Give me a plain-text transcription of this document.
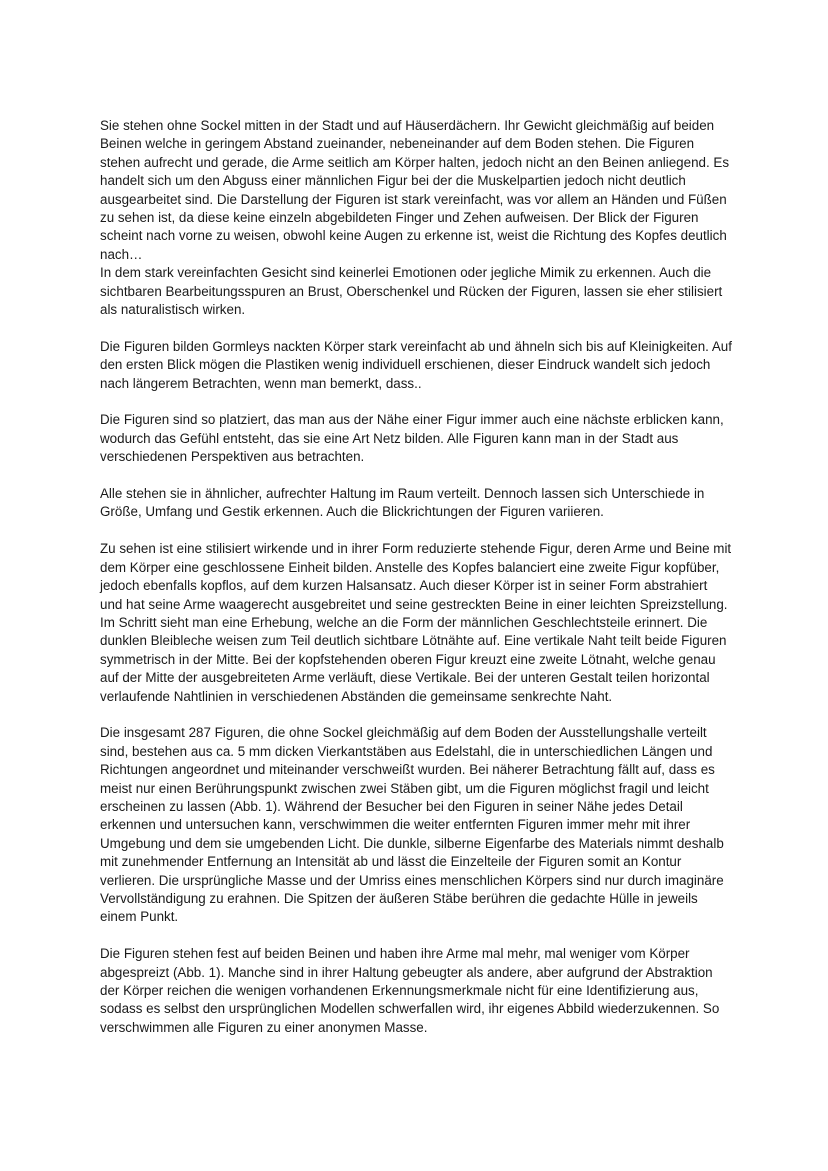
Sie stehen ohne Sockel mitten in der Stadt und auf Häuserdächern. Ihr Gewicht gleichmäßig auf beiden Beinen welche in geringem Abstand zueinander, nebeneinander auf dem Boden stehen. Die Figuren stehen aufrecht und gerade, die Arme seitlich am Körper halten, jedoch nicht an den Beinen anliegend. Es handelt sich um den Abguss einer männlichen Figur bei der die Muskelpartien jedoch nicht deutlich ausgearbeitet sind. Die Darstellung der Figuren ist stark vereinfacht, was vor allem an Händen und Füßen zu sehen ist, da diese keine einzeln abgebildeten Finger und Zehen aufweisen. Der Blick der Figuren scheint nach vorne zu weisen, obwohl keine Augen zu erkenne ist, weist die Richtung des Kopfes deutlich nach…
In dem stark vereinfachten Gesicht sind keinerlei Emotionen oder jegliche Mimik zu erkennen. Auch die sichtbaren Bearbeitungsspuren an Brust, Oberschenkel und Rücken der Figuren, lassen sie eher stilisiert als naturalistisch wirken.

Die Figuren bilden Gormleys nackten Körper stark vereinfacht ab und ähneln sich bis auf Kleinigkeiten. Auf den ersten Blick mögen die Plastiken wenig individuell erschienen, dieser Eindruck wandelt sich jedoch nach längerem Betrachten, wenn man bemerkt, dass..

Die Figuren sind so platziert, das man aus der Nähe einer Figur immer auch eine nächste erblicken kann, wodurch das Gefühl entsteht, das sie eine Art Netz bilden. Alle Figuren kann man in der Stadt aus verschiedenen Perspektiven aus betrachten.

Alle stehen sie in ähnlicher, aufrechter Haltung im Raum verteilt. Dennoch lassen sich Unterschiede in Größe, Umfang und Gestik erkennen. Auch die Blickrichtungen der Figuren variieren.

Zu sehen ist eine stilisiert wirkende und in ihrer Form reduzierte stehende Figur, deren Arme und Beine mit dem Körper eine geschlossene Einheit bilden. Anstelle des Kopfes balanciert eine zweite Figur kopfüber, jedoch ebenfalls kopflos, auf dem kurzen Halsansatz. Auch dieser Körper ist in seiner Form abstrahiert und hat seine Arme waagerecht ausgebreitet und seine gestreckten Beine in einer leichten Spreizstellung. Im Schritt sieht man eine Erhebung, welche an die Form der männlichen Geschlechtsteile erinnert. Die dunklen Bleibleche weisen zum Teil deutlich sichtbare Lötnähte auf. Eine vertikale Naht teilt beide Figuren symmetrisch in der Mitte. Bei der kopfstehenden oberen Figur kreuzt eine zweite Lötnaht, welche genau auf der Mitte der ausgebreiteten Arme verläuft, diese Vertikale. Bei der unteren Gestalt teilen horizontal verlaufende Nahtlinien in verschiedenen Abständen die gemeinsame senkrechte Naht.

Die insgesamt 287 Figuren, die ohne Sockel gleichmäßig auf dem Boden der Ausstellungshalle verteilt sind, bestehen aus ca. 5 mm dicken Vierkantstäben aus Edelstahl, die in unterschiedlichen Längen und Richtungen angeordnet und miteinander verschweißt wurden. Bei näherer Betrachtung fällt auf, dass es meist nur einen Berührungspunkt zwischen zwei Stäben gibt, um die Figuren möglichst fragil und leicht erscheinen zu lassen (Abb. 1). Während der Besucher bei den Figuren in seiner Nähe jedes Detail erkennen und untersuchen kann, verschwimmen die weiter entfernten Figuren immer mehr mit ihrer Umgebung und dem sie umgebenden Licht. Die dunkle, silberne Eigenfarbe des Materials nimmt deshalb mit zunehmender Entfernung an Intensität ab und lässt die Einzelteile der Figuren somit an Kontur verlieren. Die ursprüngliche Masse und der Umriss eines menschlichen Körpers sind nur durch imaginäre Vervollständigung zu erahnen. Die Spitzen der äußeren Stäbe berühren die gedachte Hülle in jeweils einem Punkt.

Die Figuren stehen fest auf beiden Beinen und haben ihre Arme mal mehr, mal weniger vom Körper abgespreizt (Abb. 1). Manche sind in ihrer Haltung gebeugter als andere, aber aufgrund der Abstraktion der Körper reichen die wenigen vorhandenen Erkennungsmerkmale nicht für eine Identifizierung aus, sodass es selbst den ursprünglichen Modellen schwerfallen wird, ihr eigenes Abbild wiederzukennen. So verschwimmen alle Figuren zu einer anonymen Masse.
